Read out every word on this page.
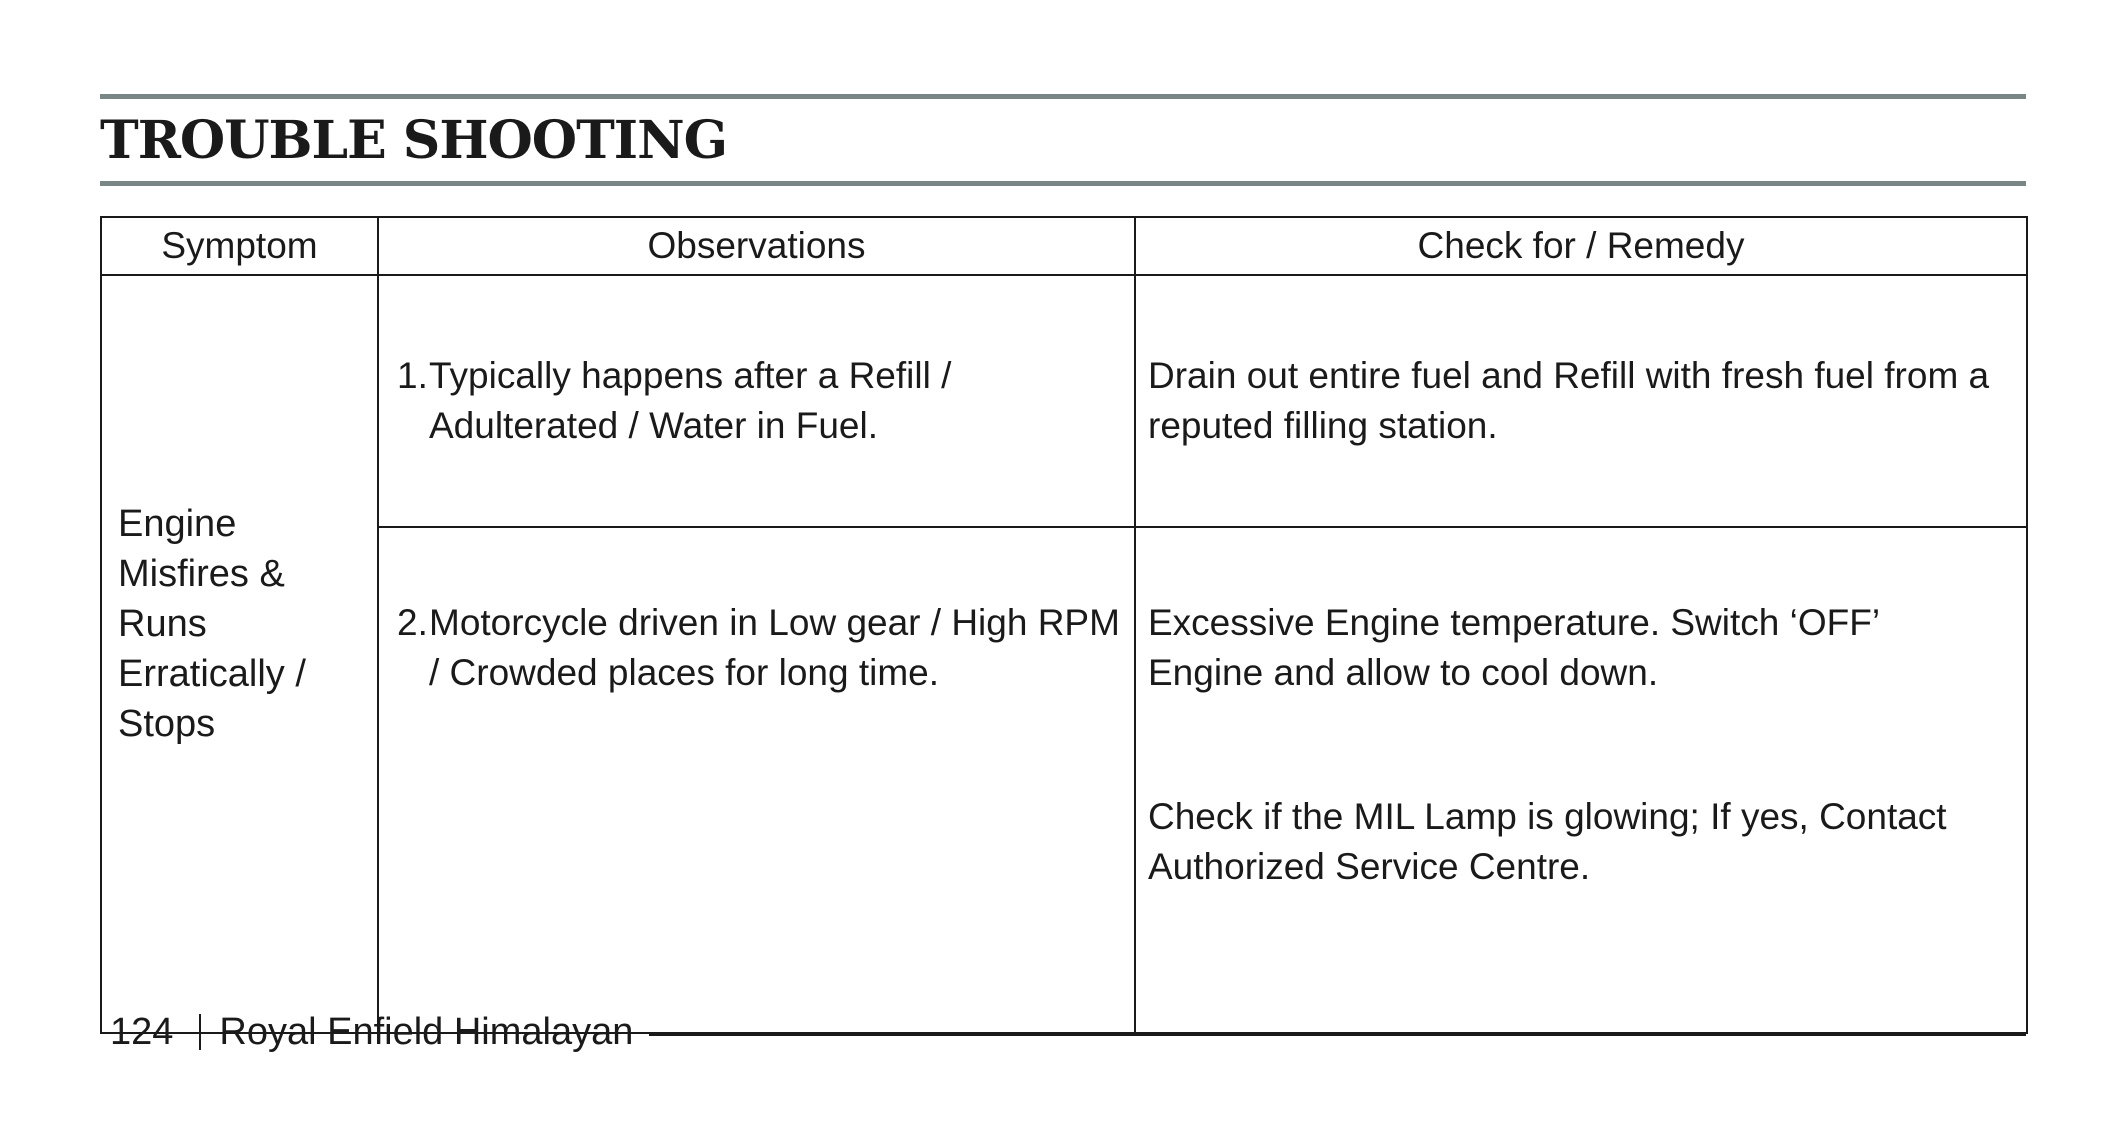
TROUBLE SHOOTING
Symptom	Observations	Check for / Remedy

Engine Misfires & Runs Erratically / Stops	1. Typically happens after a Refill / Adulterated / Water in Fuel.	Drain out entire fuel and Refill with fresh fuel from a reputed filling station.

	2. Motorcycle driven in Low gear / High RPM / Crowded places for long time.	Excessive Engine temperature. Switch ‘OFF’ Engine and allow to cool down.
Check if the MIL Lamp is glowing; If yes, Contact Authorized Service Centre.
124 Royal Enfield Himalayan
